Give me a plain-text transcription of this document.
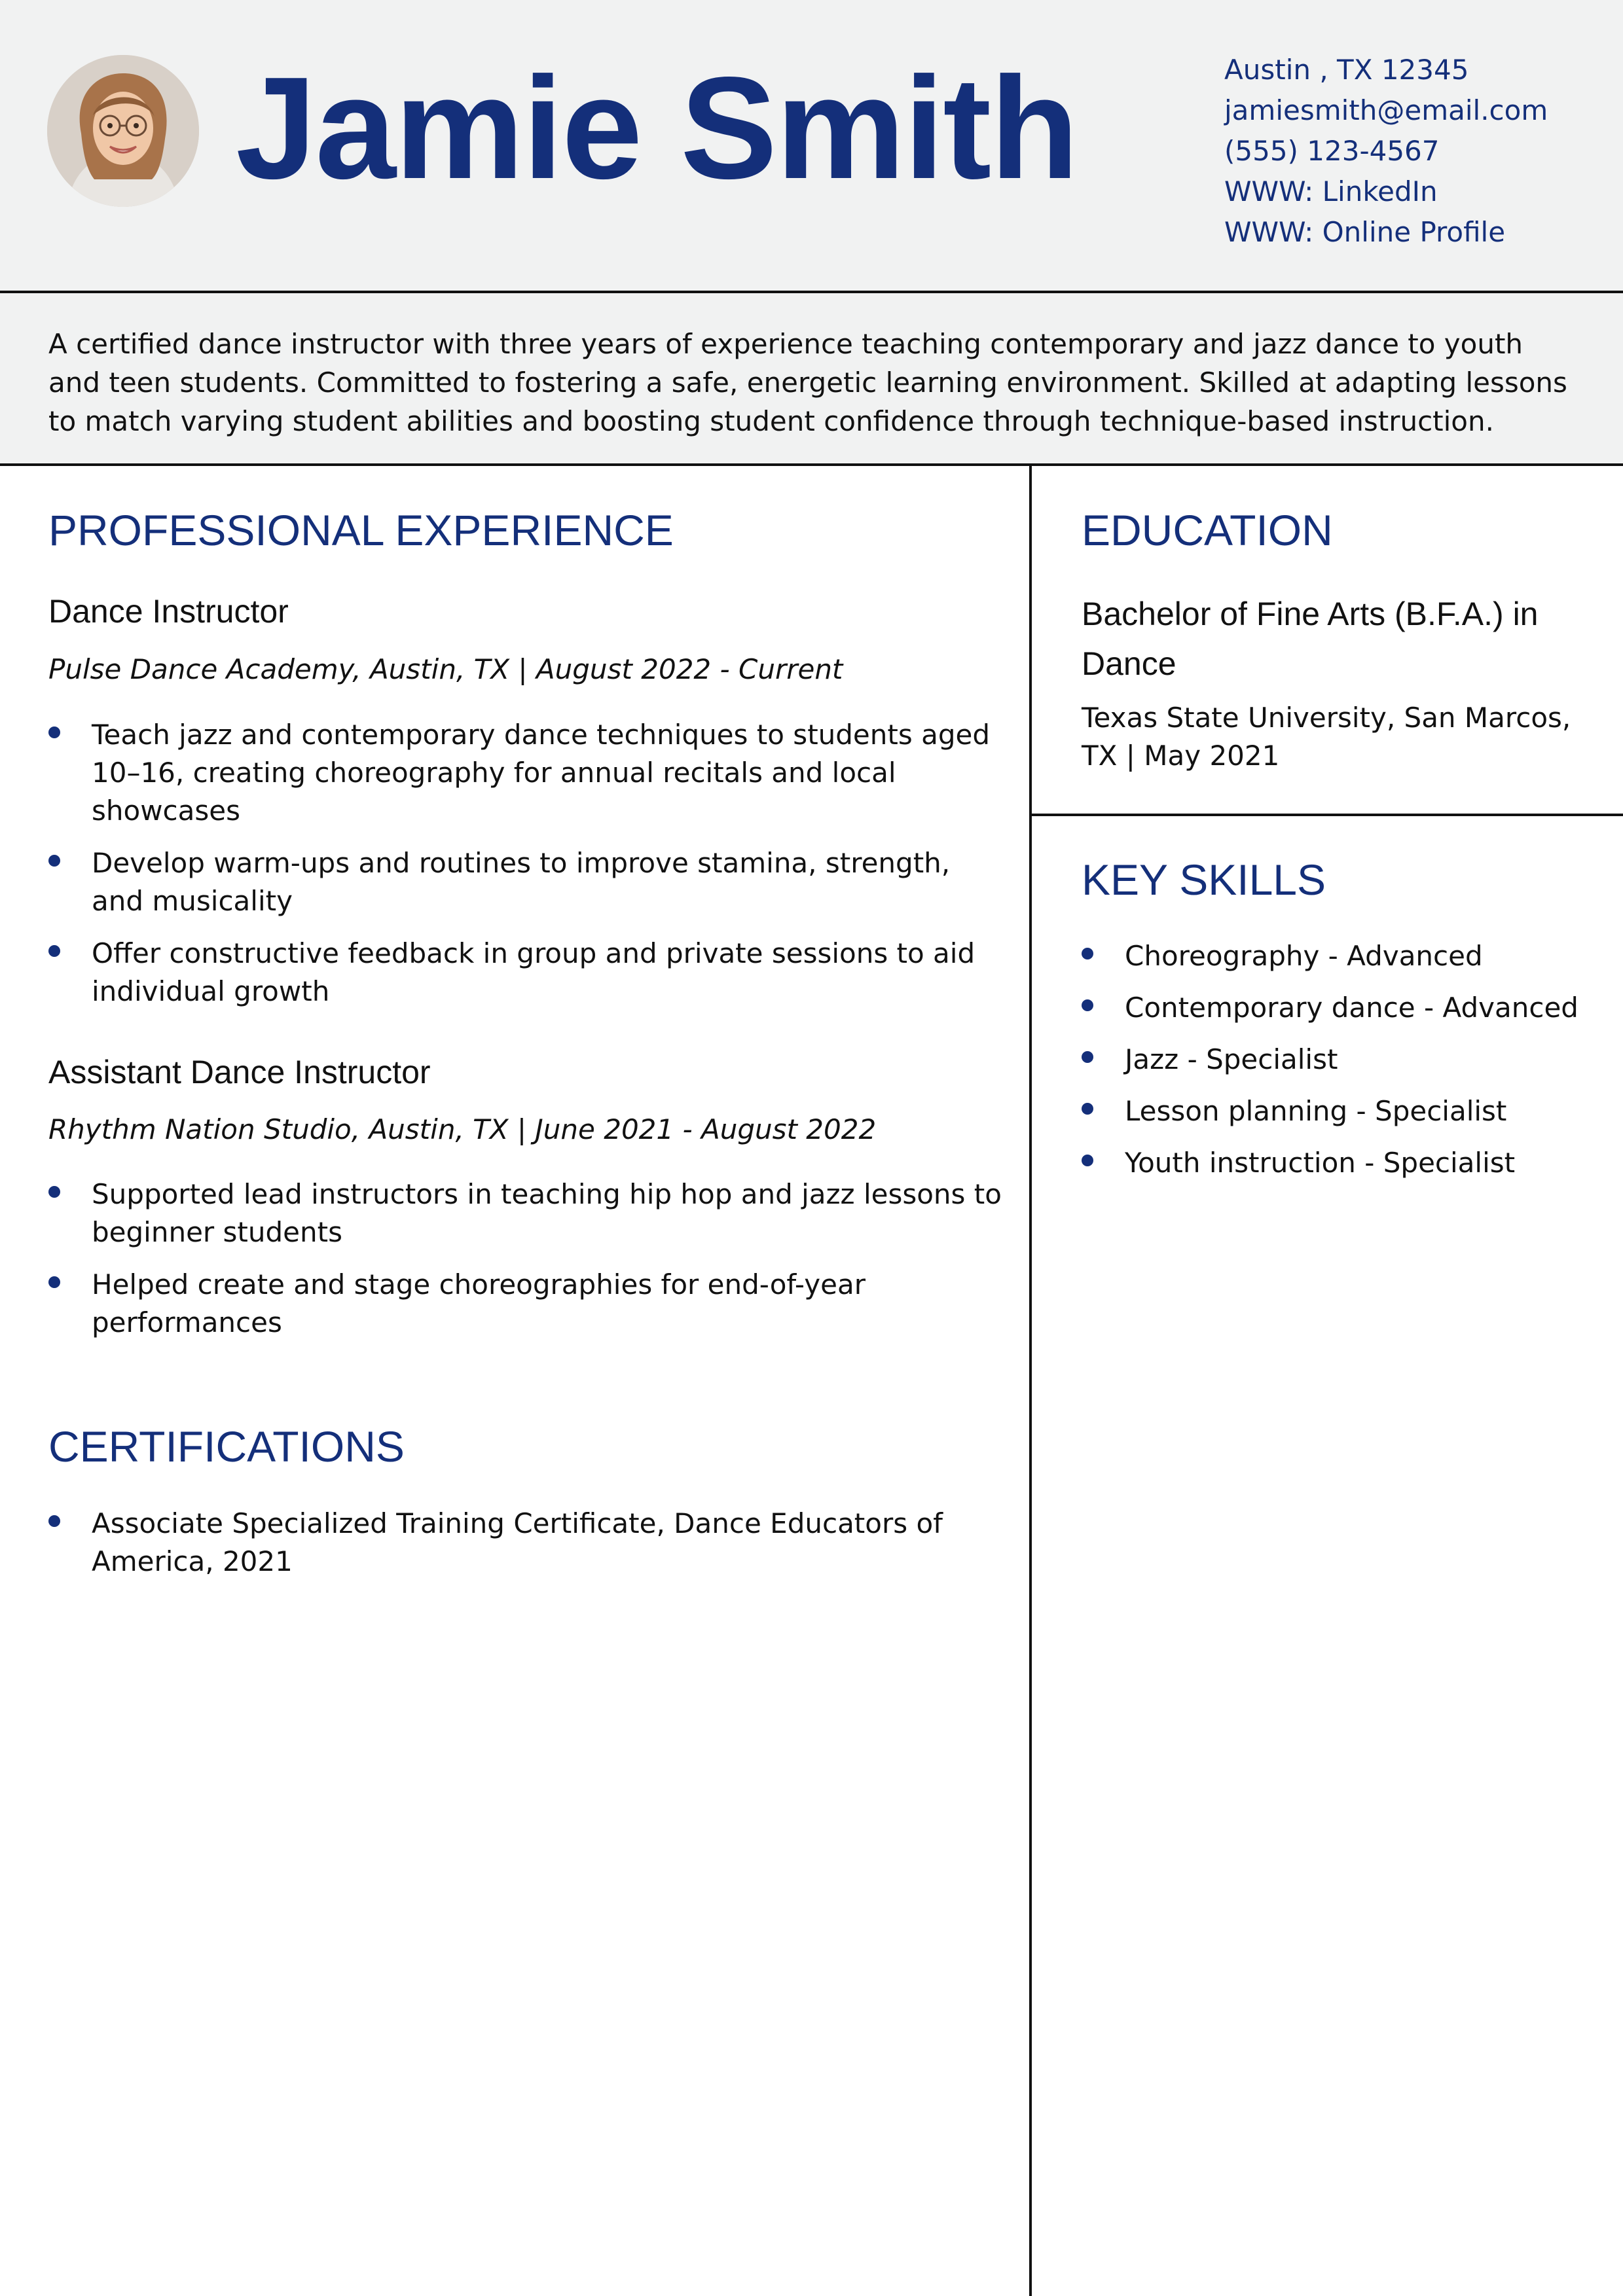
Jamie Smith	Austin , TX 12345
jamiesmith@email.com
(555) 123-4567
WWW: LinkedIn
WWW: Online Profile

A certified dance instructor with three years of experience teaching contemporary and jazz dance to youth and teen students. Committed to fostering a safe, energetic learning environment. Skilled at adapting lessons to match varying student abilities and boosting student confidence through technique-based instruction.

PROFESSIONAL EXPERIENCE
Dance Instructor
Pulse Dance Academy, Austin, TX | August 2022 - Current
Teach jazz and contemporary dance techniques to students aged 10–16, creating choreography for annual recitals and local showcases
Develop warm-ups and routines to improve stamina, strength, and musicality
Offer constructive feedback in group and private sessions to aid individual growth
Assistant Dance Instructor
Rhythm Nation Studio, Austin, TX | June 2021 - August 2022
Supported lead instructors in teaching hip hop and jazz lessons to beginner students
Helped create and stage choreographies for end-of-year performances
CERTIFICATIONS
Associate Specialized Training Certificate, Dance Educators of America, 2021
EDUCATION
Bachelor of Fine Arts (B.F.A.) in Dance
Texas State University, San Marcos, TX | May 2021
KEY SKILLS
Choreography - Advanced
Contemporary dance - Advanced
Jazz - Specialist
Lesson planning - Specialist
Youth instruction - Specialist
